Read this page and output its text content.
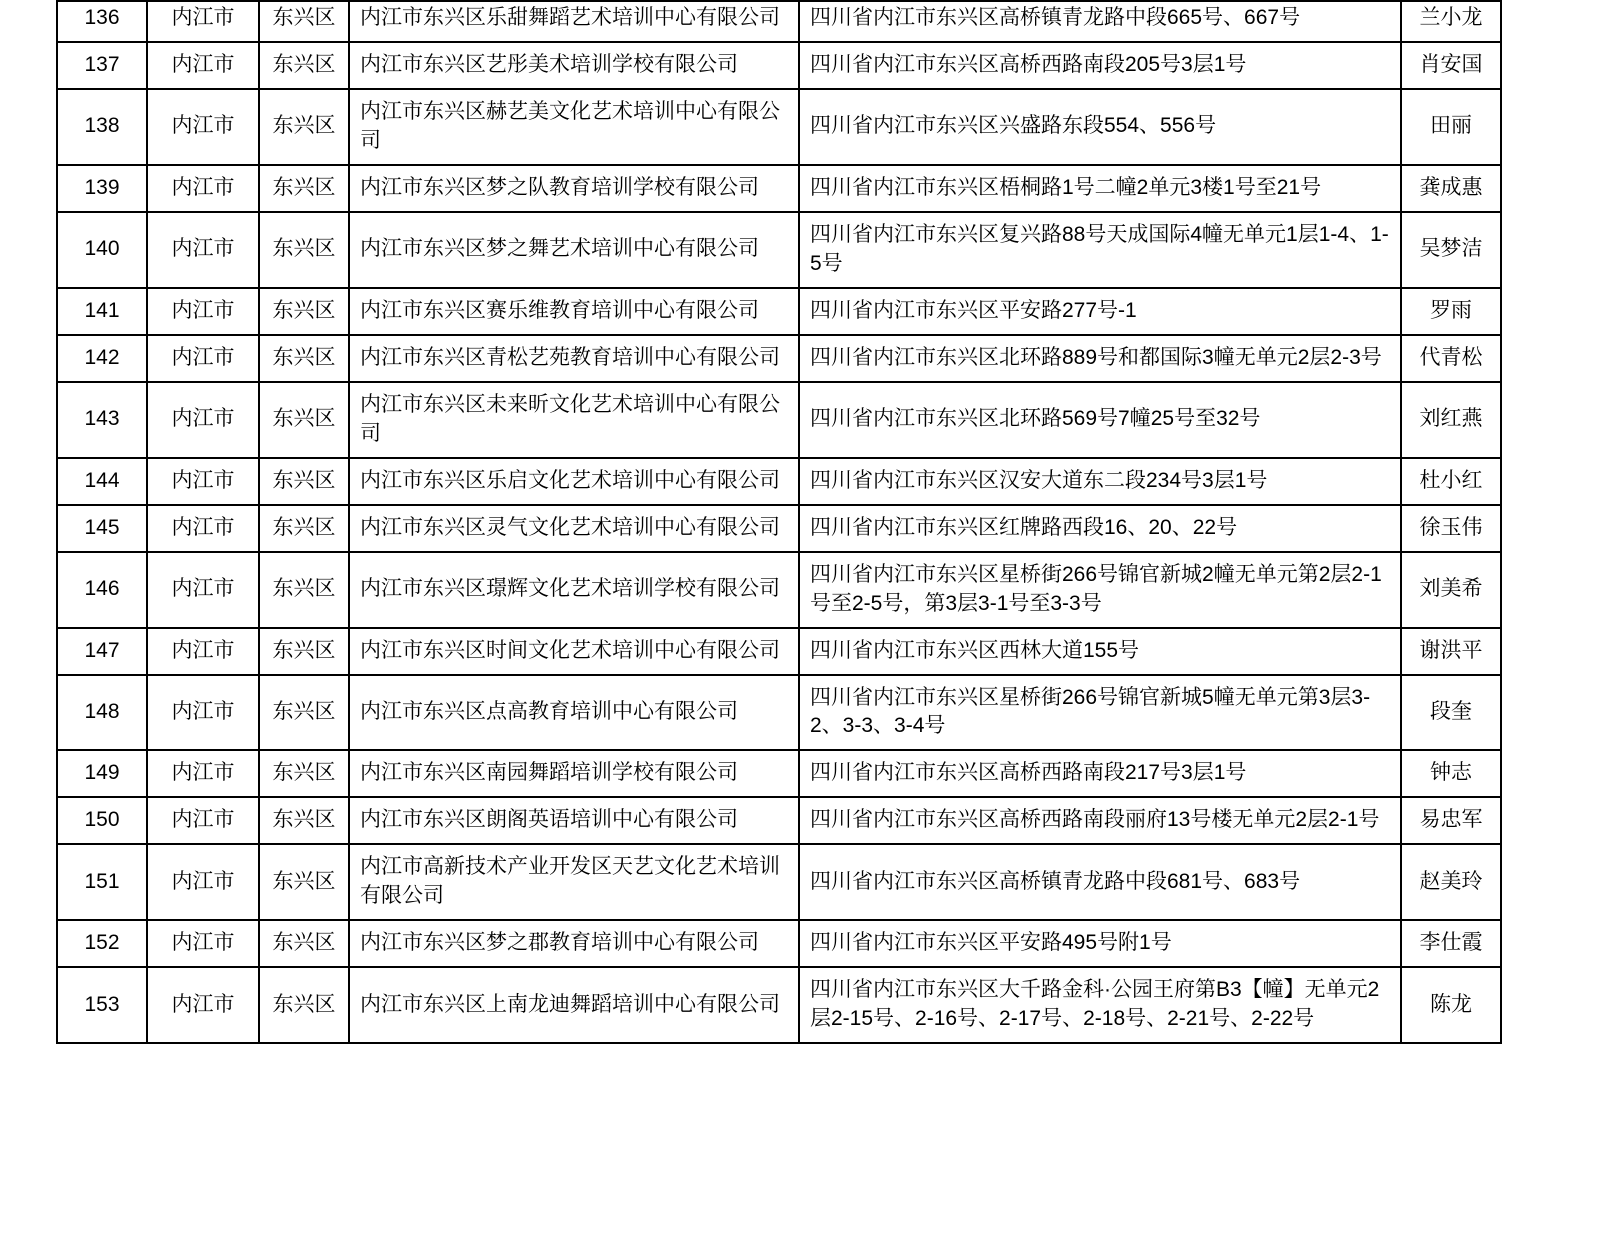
136	内江市	东兴区	内江市东兴区乐甜舞蹈艺术培训中心有限公司	四川省内江市东兴区高桥镇青龙路中段665号、667号	兰小龙
137	内江市	东兴区	内江市东兴区艺彤美术培训学校有限公司	四川省内江市东兴区高桥西路南段205号3层1号	肖安国
138	内江市	东兴区	内江市东兴区赫艺美文化艺术培训中心有限公司	四川省内江市东兴区兴盛路东段554、556号	田丽
139	内江市	东兴区	内江市东兴区梦之队教育培训学校有限公司	四川省内江市东兴区梧桐路1号二幢2单元3楼1号至21号	龚成惠
140	内江市	东兴区	内江市东兴区梦之舞艺术培训中心有限公司	四川省内江市东兴区复兴路88号天成国际4幢无单元1层1-4、1-5号	吴梦洁
141	内江市	东兴区	内江市东兴区赛乐维教育培训中心有限公司	四川省内江市东兴区平安路277号-1	罗雨
142	内江市	东兴区	内江市东兴区青松艺苑教育培训中心有限公司	四川省内江市东兴区北环路889号和都国际3幢无单元2层2-3号	代青松
143	内江市	东兴区	内江市东兴区未来昕文化艺术培训中心有限公司	四川省内江市东兴区北环路569号7幢25号至32号	刘红燕
144	内江市	东兴区	内江市东兴区乐启文化艺术培训中心有限公司	四川省内江市东兴区汉安大道东二段234号3层1号	杜小红
145	内江市	东兴区	内江市东兴区灵气文化艺术培训中心有限公司	四川省内江市东兴区红牌路西段16、20、22号	徐玉伟
146	内江市	东兴区	内江市东兴区璟辉文化艺术培训学校有限公司	四川省内江市东兴区星桥街266号锦官新城2幢无单元第2层2-1号至2-5号，第3层3-1号至3-3号	刘美希
147	内江市	东兴区	内江市东兴区时间文化艺术培训中心有限公司	四川省内江市东兴区西林大道155号	谢洪平
148	内江市	东兴区	内江市东兴区点高教育培训中心有限公司	四川省内江市东兴区星桥街266号锦官新城5幢无单元第3层3-2、3-3、3-4号	段奎
149	内江市	东兴区	内江市东兴区南园舞蹈培训学校有限公司	四川省内江市东兴区高桥西路南段217号3层1号	钟志
150	内江市	东兴区	内江市东兴区朗阁英语培训中心有限公司	四川省内江市东兴区高桥西路南段丽府13号楼无单元2层2-1号	易忠军
151	内江市	东兴区	内江市高新技术产业开发区天艺文化艺术培训有限公司	四川省内江市东兴区高桥镇青龙路中段681号、683号	赵美玲
152	内江市	东兴区	内江市东兴区梦之郡教育培训中心有限公司	四川省内江市东兴区平安路495号附1号	李仕霞
153	内江市	东兴区	内江市东兴区上南龙迪舞蹈培训中心有限公司	四川省内江市东兴区大千路金科·公园王府第B3【幢】无单元2层2-15号、2-16号、2-17号、2-18号、2-21号、2-22号	陈龙
